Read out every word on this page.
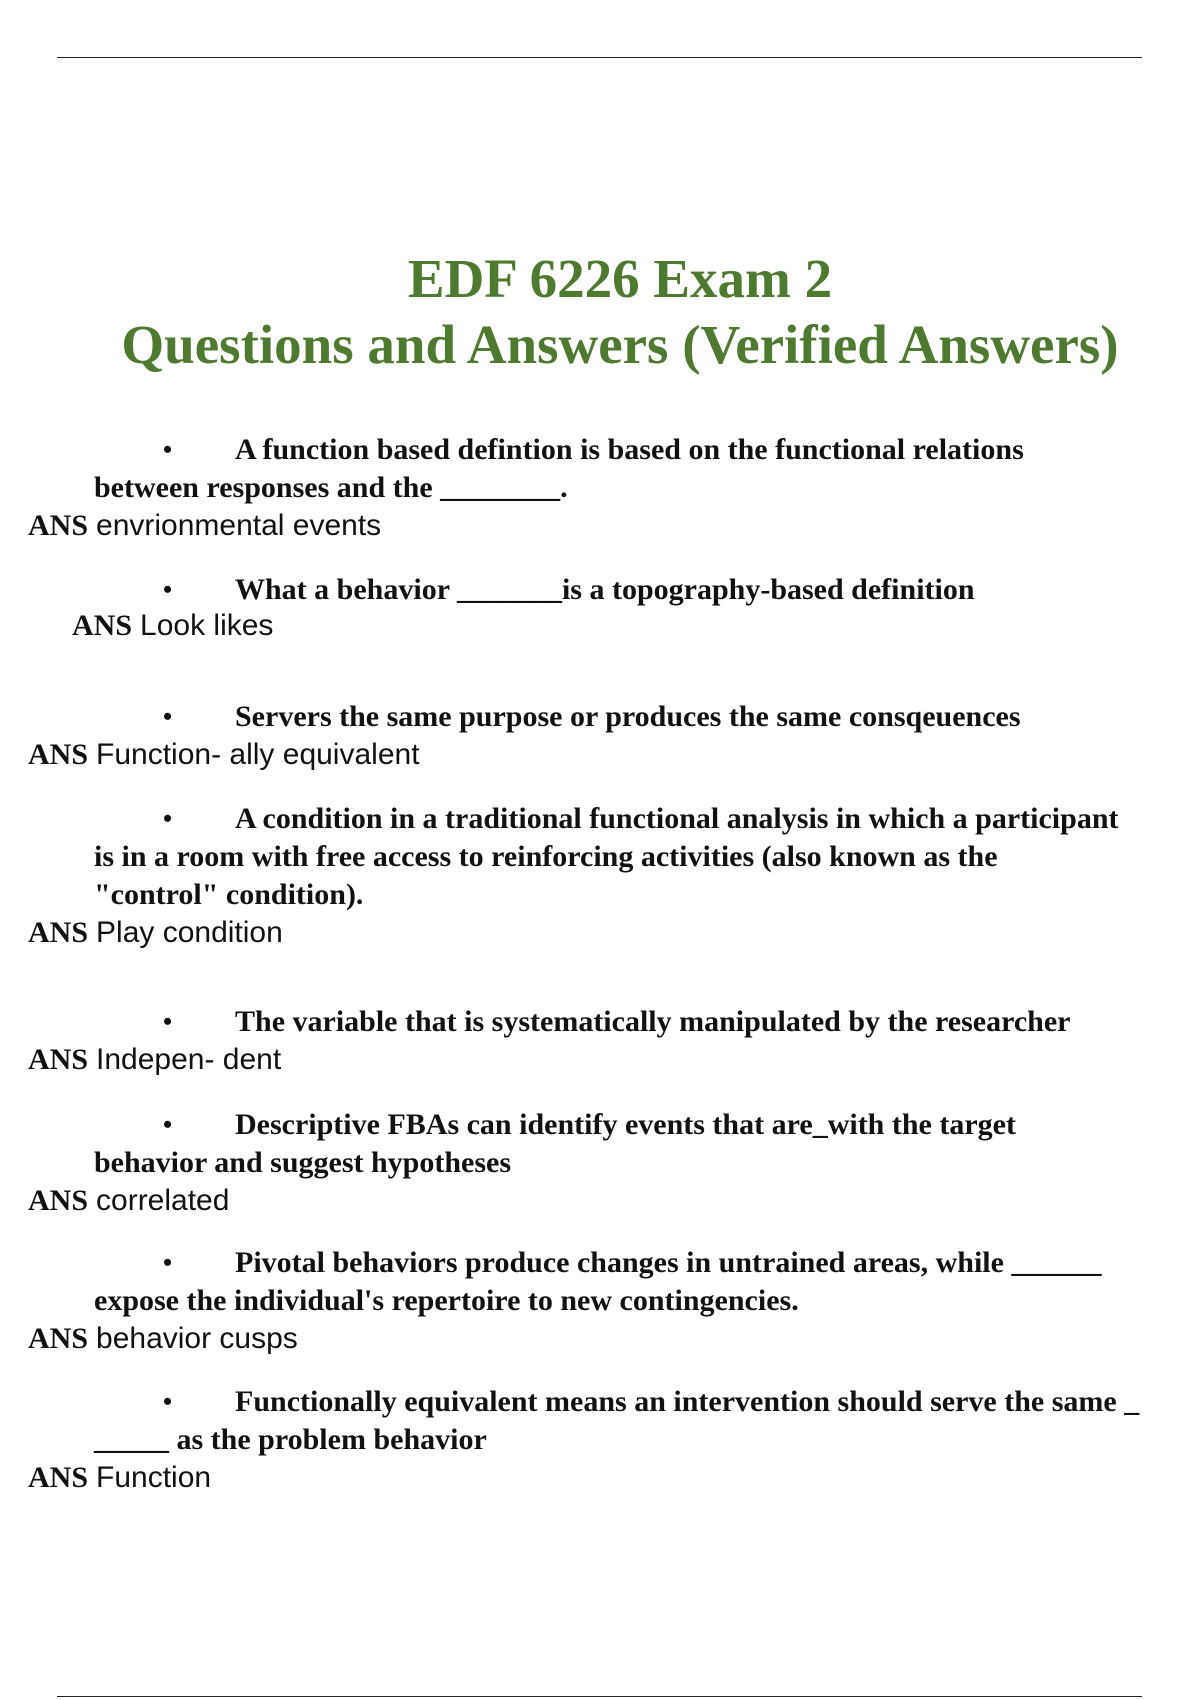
EDF 6226 Exam 2
Questions and Answers (Verified Answers)

•	A function based defintion is based on the functional relations
between responses and the ________.

ANS envrionmental events

•	What a behavior _______is a topography-based definition

ANS Look likes

•	Servers the same purpose or produces the same consqeuences

ANS Function- ally equivalent

•	A condition in a traditional functional analysis in which a participant
is in a room with free access to reinforcing activities (also known as the "control" condition).

ANS Play condition

•	The variable that is systematically manipulated by the researcher

ANS Indepen- dent

•	Descriptive FBAs can identify events that are_with the target
behavior and suggest hypotheses

ANS correlated

•	Pivotal behaviors produce changes in untrained areas, while ______
expose the individual's repertoire to new contingencies.

ANS behavior cusps

•	Functionally equivalent means an intervention should serve the same _
_____ as the problem behavior

ANS Function
